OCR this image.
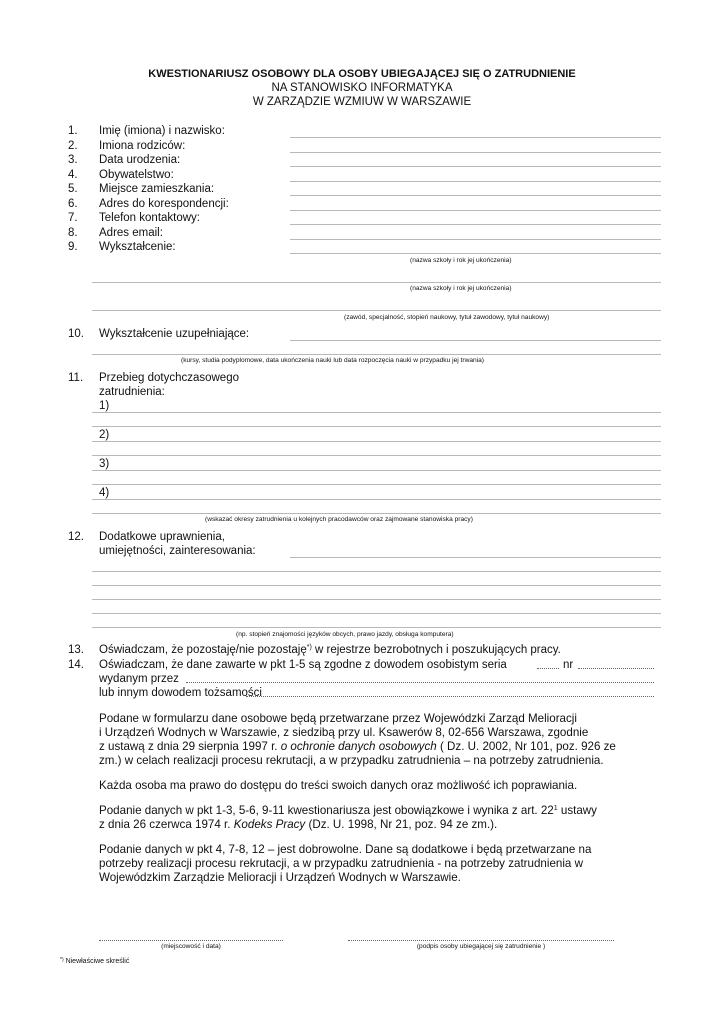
KWESTIONARIUSZ OSOBOWY DLA OSOBY UBIEGAJĄCEJ SIĘ O ZATRUDNIENIE
NA STANOWISKO INFORMATYKA
W ZARZĄDZIE WZMIUW W WARSZAWIE
1. Imię (imiona) i nazwisko:
2. Imiona rodziców:
3. Data urodzenia:
4. Obywatelstwo:
5. Miejsce zamieszkania:
6. Adres do korespondencji:
7. Telefon kontaktowy:
8. Adres email:
9. Wykształcenie:
(nazwa szkoły i rok jej ukończenia)
(nazwa szkoły i rok jej ukończenia)
(zawód, specjalność, stopień naukowy, tytuł zawodowy, tytuł naukowy)
10. Wykształcenie uzupełniające:
(kursy, studia podyplomowe, data ukończenia nauki lub data rozpoczęcia nauki w przypadku jej trwania)
11. Przebieg dotychczasowego
zatrudnienia:
1)
2)
3)
4)
(wskazać okresy zatrudnienia u kolejnych pracodawców oraz zajmowane stanowiska pracy)
12. Dodatkowe uprawnienia,
umiejętności, zainteresowania:
(np. stopień znajomości języków obcych, prawo jazdy, obsługa komputera)
13. Oświadczam, że pozostaję/nie pozostaję*) w rejestrze bezrobotnych i poszukujących pracy.
14. Oświadczam, że dane zawarte w pkt 1-5 są zgodne z dowodem osobistym seria	nr
wydanym przez
lub innym dowodem tożsamości
Podane w formularzu dane osobowe będą przetwarzane przez Wojewódzki Zarząd Melioracji
i Urządzeń Wodnych w Warszawie, z siedzibą przy ul. Ksawerów 8, 02-656 Warszawa, zgodnie
z ustawą z dnia 29 sierpnia 1997 r. o ochronie danych osobowych ( Dz. U. 2002, Nr 101, poz. 926 ze
zm.) w celach realizacji procesu rekrutacji, a w przypadku zatrudnienia – na potrzeby zatrudnienia.
Każda osoba ma prawo do dostępu do treści swoich danych oraz możliwość ich poprawiania.
Podanie danych w pkt 1-3, 5-6, 9-11 kwestionariusza jest obowiązkowe i wynika z art. $22^1$ ustawy
z dnia 26 czerwca 1974 r. Kodeks Pracy (Dz. U. 1998, Nr 21, poz. 94 ze zm.).
Podanie danych w pkt 4, 7-8, 12 – jest dobrowolne. Dane są dodatkowe i będą przetwarzane na
potrzeby realizacji procesu rekrutacji, a w przypadku zatrudnienia - na potrzeby zatrudnienia w
Wojewódzkim Zarządzie Melioracji i Urządzeń Wodnych w Warszawie.
(miejscowość i data)	(podpis osoby ubiegającej się zatrudnienie )
*) Niewłaściwe skreślić
